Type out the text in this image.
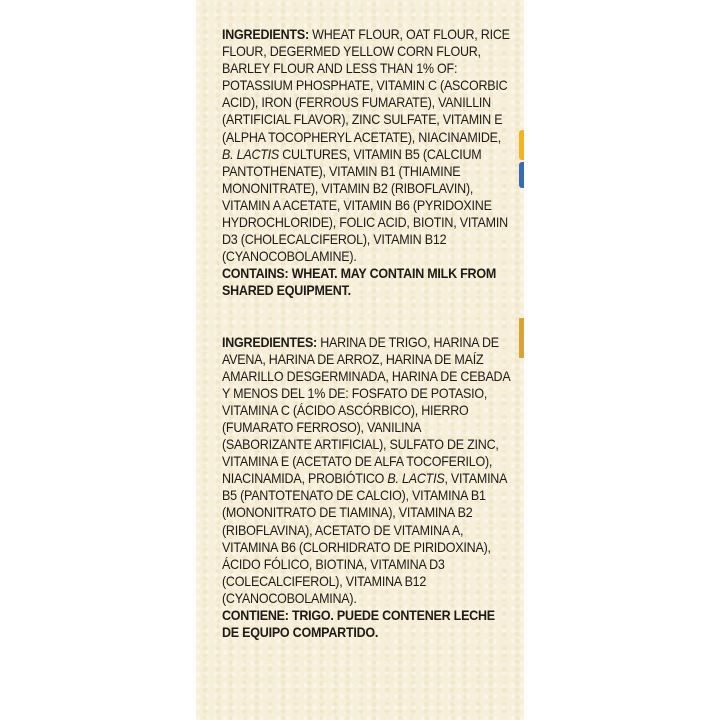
INGREDIENTS: WHEAT FLOUR, OAT FLOUR, RICE FLOUR, DEGERMED YELLOW CORN FLOUR, BARLEY FLOUR AND LESS THAN 1% OF: POTASSIUM PHOSPHATE, VITAMIN C (ASCORBIC ACID), IRON (FERROUS FUMARATE), VANILLIN (ARTIFICIAL FLAVOR), ZINC SULFATE, VITAMIN E (ALPHA TOCOPHERYL ACETATE), NIACINAMIDE, B. LACTIS CULTURES, VITAMIN B5 (CALCIUM PANTOTHENATE), VITAMIN B1 (THIAMINE MONONITRATE), VITAMIN B2 (RIBOFLAVIN), VITAMIN A ACETATE, VITAMIN B6 (PYRIDOXINE HYDROCHLORIDE), FOLIC ACID, BIOTIN, VITAMIN D3 (CHOLECALCIFEROL), VITAMIN B12 (CYANOCOBOLAMINE).

CONTAINS: WHEAT. MAY CONTAIN MILK FROM SHARED EQUIPMENT.

INGREDIENTES: HARINA DE TRIGO, HARINA DE AVENA, HARINA DE ARROZ, HARINA DE MAÍZ AMARILLO DESGERMINADA, HARINA DE CEBADA Y MENOS DEL 1% DE: FOSFATO DE POTASIO, VITAMINA C (ÁCIDO ASCÓRBICO), HIERRO (FUMARATO FERROSO), VANILINA (SABORIZANTE ARTIFICIAL), SULFATO DE ZINC, VITAMINA E (ACETATO DE ALFA TOCOFERILO), NIACINAMIDA, PROBIÓTICO B. LACTIS, VITAMINA B5 (PANTOTENATO DE CALCIO), VITAMINA B1 (MONONITRATO DE TIAMINA), VITAMINA B2 (RIBOFLAVINA), ACETATO DE VITAMINA A, VITAMINA B6 (CLORHIDRATO DE PIRIDOXINA), ÁCIDO FÓLICO, BIOTINA, VITAMINA D3 (COLECALCIFEROL), VITAMINA B12 (CYANOCOBOLAMINA).

CONTIENE: TRIGO. PUEDE CONTENER LECHE DE EQUIPO COMPARTIDO.
